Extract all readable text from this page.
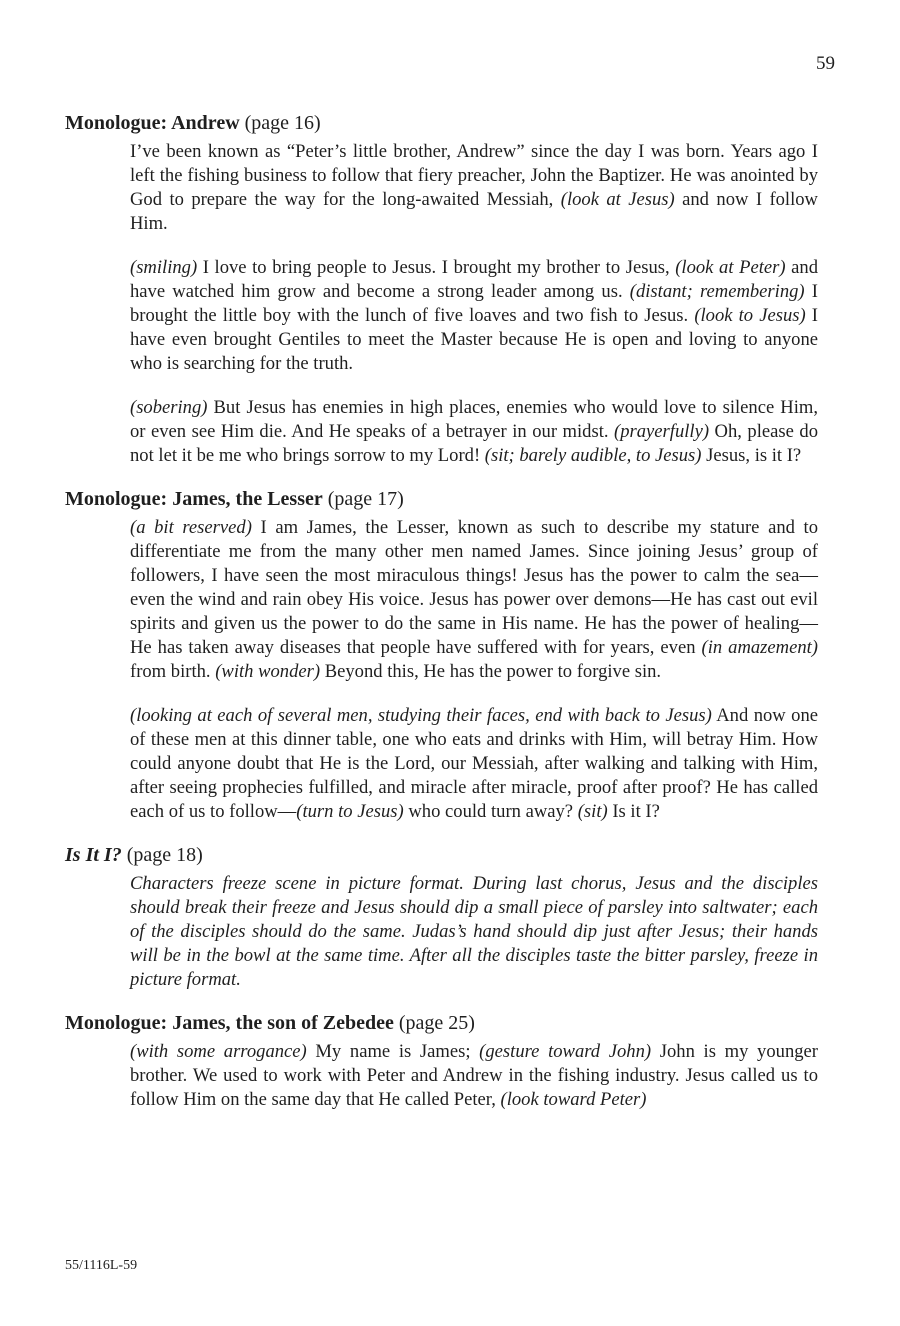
59
Monologue: Andrew (page 16)

I’ve been known as “Peter’s little brother, Andrew” since the day I was born. Years ago I left the fishing business to follow that fiery preacher, John the Baptizer. He was anointed by God to prepare the way for the long-awaited Messiah, (look at Jesus) and now I follow Him.

(smiling) I love to bring people to Jesus. I brought my brother to Jesus, (look at Peter) and have watched him grow and become a strong leader among us. (distant; remembering) I brought the little boy with the lunch of five loaves and two fish to Jesus. (look to Jesus) I have even brought Gentiles to meet the Master because He is open and loving to anyone who is searching for the truth.

(sobering) But Jesus has enemies in high places, enemies who would love to silence Him, or even see Him die. And He speaks of a betrayer in our midst. (prayerfully) Oh, please do not let it be me who brings sorrow to my Lord! (sit; barely audible, to Jesus) Jesus, is it I?

Monologue: James, the Lesser (page 17)

(a bit reserved) I am James, the Lesser, known as such to describe my stature and to differentiate me from the many other men named James. Since joining Jesus’ group of followers, I have seen the most miraculous things! Jesus has the power to calm the sea—even the wind and rain obey His voice. Jesus has power over demons—He has cast out evil spirits and given us the power to do the same in His name. He has the power of healing—He has taken away diseases that people have suffered with for years, even (in amazement) from birth. (with wonder) Beyond this, He has the power to forgive sin.

(looking at each of several men, studying their faces, end with back to Jesus) And now one of these men at this dinner table, one who eats and drinks with Him, will betray Him. How could anyone doubt that He is the Lord, our Messiah, after walking and talking with Him, after seeing prophecies fulfilled, and miracle after miracle, proof after proof? He has called each of us to follow—(turn to Jesus) who could turn away? (sit) Is it I?

Is It I? (page 18)

Characters freeze scene in picture format. During last chorus, Jesus and the disciples should break their freeze and Jesus should dip a small piece of parsley into saltwater; each of the disciples should do the same. Judas’s hand should dip just after Jesus; their hands will be in the bowl at the same time. After all the disciples taste the bitter parsley, freeze in picture format.

Monologue: James, the son of Zebedee (page 25)

(with some arrogance) My name is James; (gesture toward John) John is my younger brother. We used to work with Peter and Andrew in the fishing industry. Jesus called us to follow Him on the same day that He called Peter, (look toward Peter)

55/1116L-59
